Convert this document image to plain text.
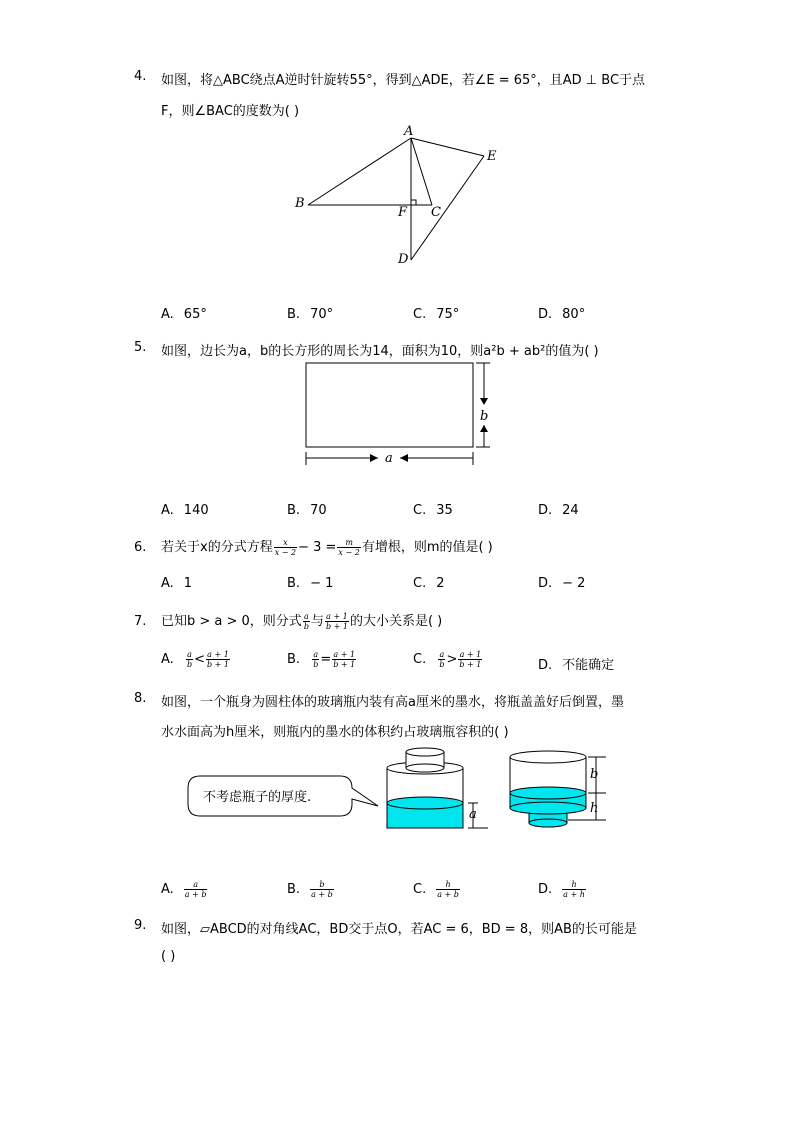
4. 如图，将△ABC绕点A逆时针旋转55°，得到△ADE，若∠E = 65°，且AD ⊥ BC于点
F，则∠BAC的度数为( )
A
E
B
F C
D
A. 65°	B. 70°	C. 75°	D. 80°
5. 如图，边长为a，b的长方形的周长为14，面积为10，则a²b + ab²的值为( )
b
a
A. 140	B. 70	C. 35	D. 24
6. 若关于x的分式方程 $\frac{x}{x - 2} - 3 = \frac{m}{x - 2}$ 有增根，则m的值是( )
A. 1	B. − 1	C. 2	D. − 2
7. 已知b > a > 0，则分式 $\frac{a}{b}$ 与 $\frac{a + 1}{b + 1}$ 的大小关系是( )
A. $\frac{a}{b} < \frac{a + 1}{b + 1}$	B. $\frac{a}{b} = \frac{a + 1}{b + 1}$	C. $\frac{a}{b} > \frac{a + 1}{b + 1}$	D. 不能确定
8. 如图，一个瓶身为圆柱体的玻璃瓶内装有高a厘米的墨水，将瓶盖盖好后倒置，墨
水水面高为h厘米，则瓶内的墨水的体积约占玻璃瓶容积的( )
不考虑瓶子的厚度.
a
b
h
A. $\frac{a}{a + b}$	B. $\frac{b}{a + b}$	C. $\frac{h}{a + b}$	D. $\frac{h}{a + h}$
9. 如图，▱ABCD的对角线AC，BD交于点O，若AC = 6，BD = 8，则AB的长可能是
( )
